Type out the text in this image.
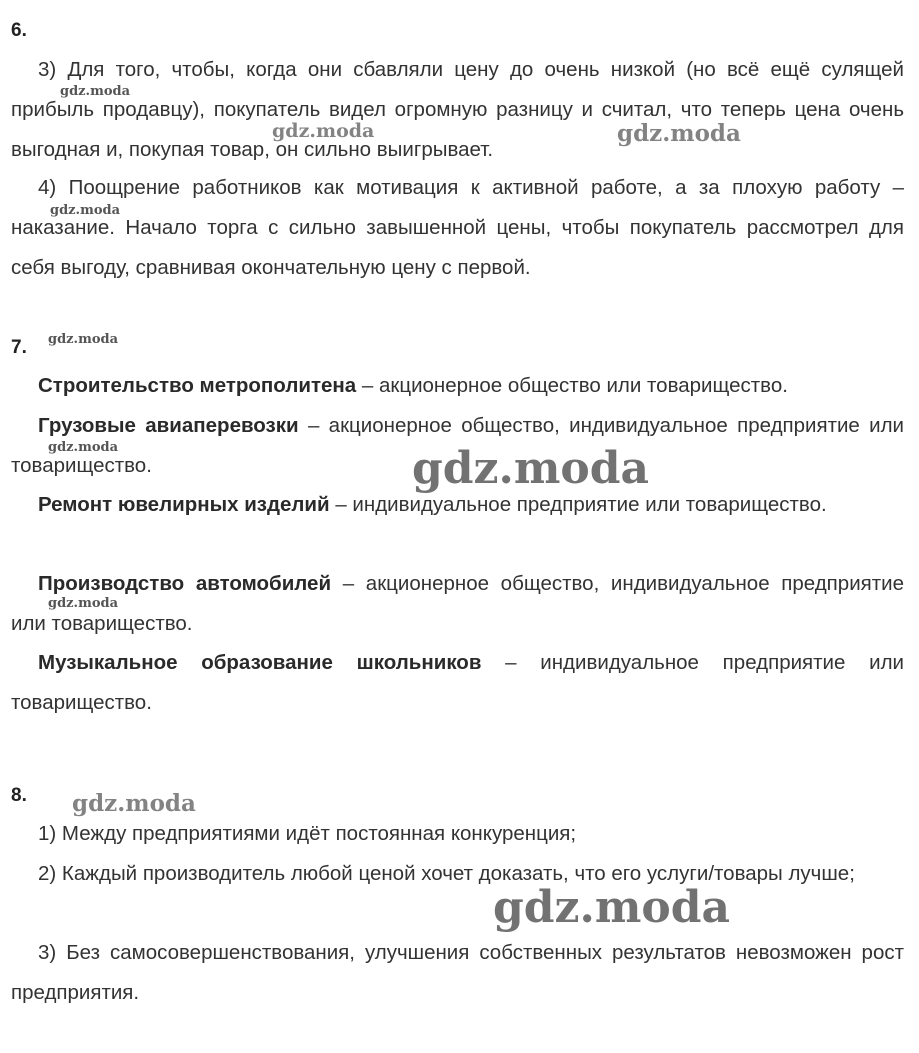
6.

3) Для того, чтобы, когда они сбавляли цену до очень низкой (но всё ещё сулящей прибыль продавцу), покупатель видел огромную разницу и считал, что теперь цена очень выгодная и, покупая товар, он сильно выигрывает.

4) Поощрение работников как мотивация к активной работе, а за плохую работу – наказание. Начало торга с сильно завышенной цены, чтобы покупатель рассмотрел для себя выгоду, сравнивая окончательную цену с первой.

7.

Строительство метрополитена – акционерное общество или товарищество.

Грузовые авиаперевозки – акционерное общество, индивидуальное предприятие или товарищество.

Ремонт ювелирных изделий – индивидуальное предприятие или товарищество.

Производство автомобилей – акционерное общество, индивидуальное предприятие или товарищество.

Музыкальное образование школьников – индивидуальное предприятие или товарищество.

8.

1) Между предприятиями идёт постоянная конкуренция;

2) Каждый производитель любой ценой хочет доказать, что его услуги/товары лучше;

3) Без самосовершенствования, улучшения собственных результатов невозможен рост предприятия.

gdz.moda
gdz.moda	gdz.moda
gdz.moda
gdz.moda
gdz.moda	gdz.moda
gdz.moda
gdz.moda
gdz.moda
